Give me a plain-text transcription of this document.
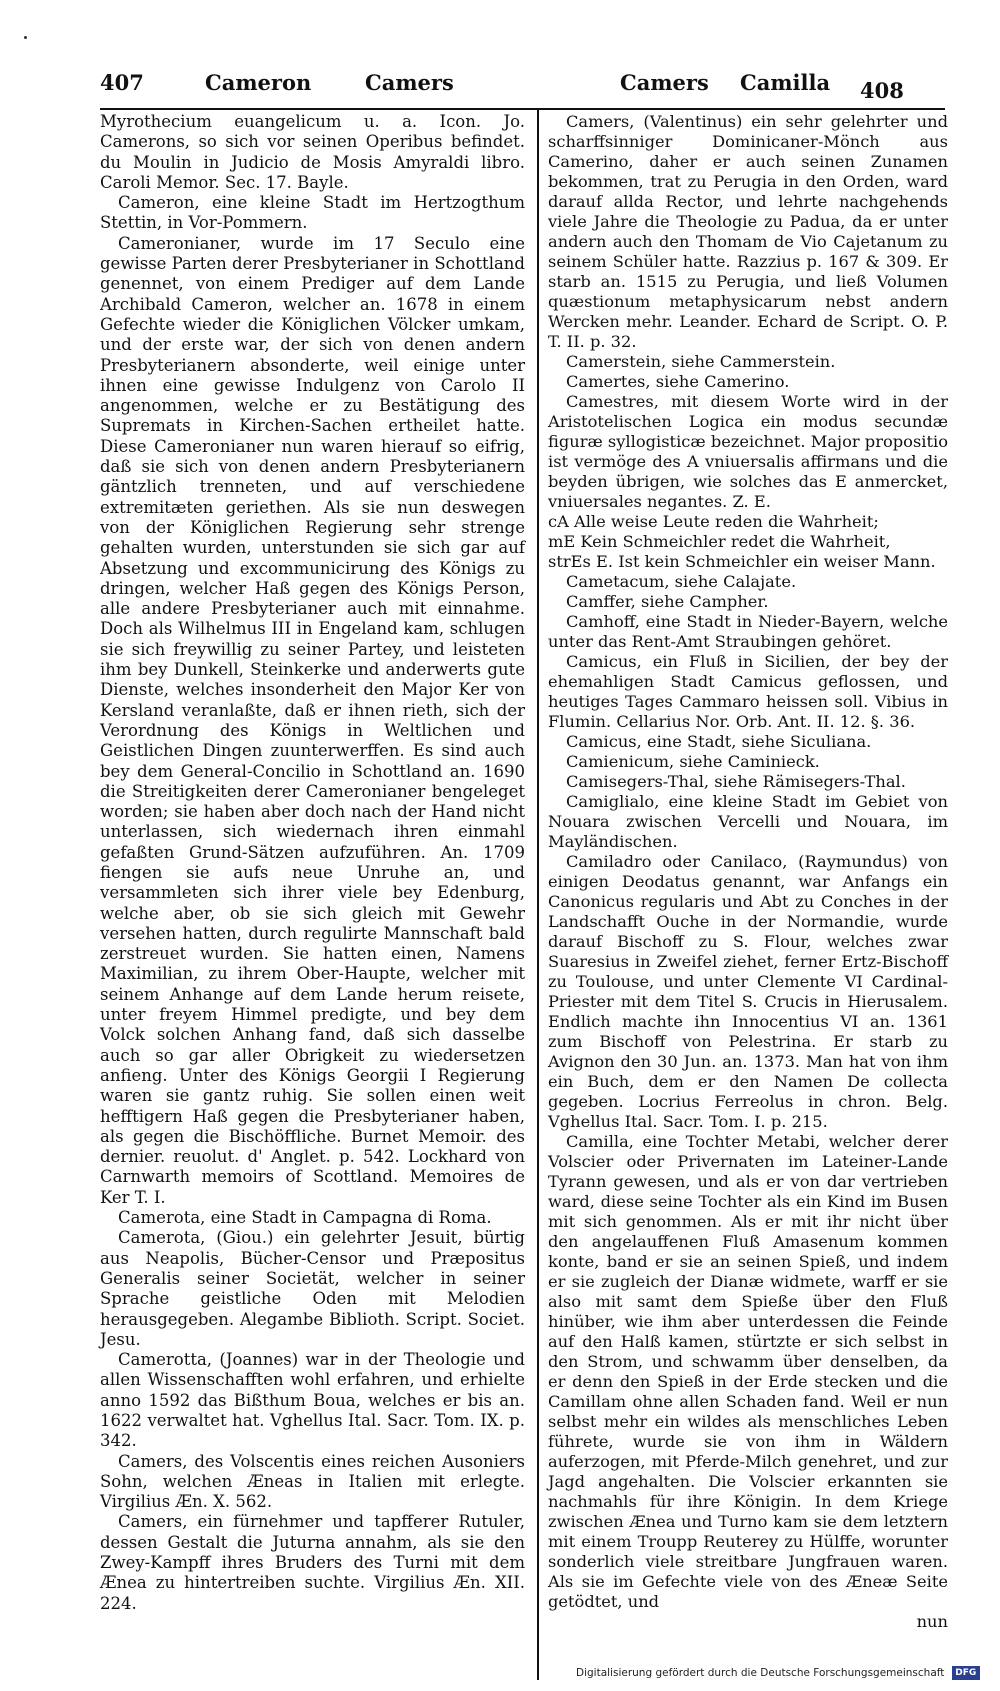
407	Cameron	Camers	Camers Camilla 408

Myrothecium euangelicum u. a. Icon. Jo. Camerons, so sich vor seinen Operibus befindet. du Moulin in Judicio de Mosis Amyraldi libro. Caroli Memor. Sec. 17. Bayle.

Cameron, eine kleine Stadt im Hertzogthum Stettin, in Vor-Pommern.

Cameronianer, wurde im 17 Seculo eine gewisse Parten derer Presbyterianer in Schottland genennet, von einem Prediger auf dem Lande Archibald Cameron, welcher an. 1678 in einem Gefechte wieder die Königlichen Völcker umkam, und der erste war, der sich von denen andern Presbyterianern absonderte, weil einige unter ihnen eine gewisse Indulgenz von Carolo II angenommen, welche er zu Bestätigung des Supremats in Kirchen-Sachen ertheilet hatte. Diese Cameronianer nun waren hierauf so eifrig, daß sie sich von denen andern Presbyterianern gäntzlich trenneten, und auf verschiedene extremitæten geriethen. Als sie nun deswegen von der Königlichen Regierung sehr strenge gehalten wurden, unterstunden sie sich gar auf Absetzung und excommunicirung des Königs zu dringen, welcher Haß gegen des Königs Person, alle andere Presbyterianer auch mit einnahme. Doch als Wilhelmus III in Engeland kam, schlugen sie sich freywillig zu seiner Partey, und leisteten ihm bey Dunkell, Steinkerke und anderwerts gute Dienste, welches insonderheit den Major Ker von Kersland veranlaßte, daß er ihnen rieth, sich der Verordnung des Königs in Weltlichen und Geistlichen Dingen zuunterwerffen. Es sind auch bey dem General-Concilio in Schottland an. 1690 die Streitigkeiten derer Cameronianer bengeleget worden; sie haben aber doch nach der Hand nicht unterlassen, sich wiedernach ihren einmahl gefaßten Grund-Sätzen aufzuführen. An. 1709 fiengen sie aufs neue Unruhe an, und versammleten sich ihrer viele bey Edenburg, welche aber, ob sie sich gleich mit Gewehr versehen hatten, durch regulirte Mannschaft bald zerstreuet wurden. Sie hatten einen, Namens Maximilian, zu ihrem Ober-Haupte, welcher mit seinem Anhange auf dem Lande herum reisete, unter freyem Himmel predigte, und bey dem Volck solchen Anhang fand, daß sich dasselbe auch so gar aller Obrigkeit zu wiedersetzen anfieng. Unter des Königs Georgii I Regierung waren sie gantz ruhig. Sie sollen einen weit hefftigern Haß gegen die Presbyterianer haben, als gegen die Bischöffliche. Burnet Memoir. des dernier. reuolut. d' Anglet. p. 542. Lockhard von Carnwarth memoirs of Scottland. Memoires de Ker T. I.

Camerota, eine Stadt in Campagna di Roma.

Camerota, (Giou.) ein gelehrter Jesuit, bürtig aus Neapolis, Bücher-Censor und Præpositus Generalis seiner Societät, welcher in seiner Sprache geistliche Oden mit Melodien herausgegeben. Alegambe Biblioth. Script. Societ. Jesu.

Camerotta, (Joannes) war in der Theologie und allen Wissenschafften wohl erfahren, und erhielte anno 1592 das Bißthum Boua, welches er bis an. 1622 verwaltet hat. Vghellus Ital. Sacr. Tom. IX. p. 342.

Camers, des Volscentis eines reichen Ausoniers Sohn, welchen Æneas in Italien mit erlegte. Virgilius Æn. X. 562.

Camers, ein fürnehmer und tapfferer Rutuler, dessen Gestalt die Juturna annahm, als sie den Zwey-Kampff ihres Bruders des Turni mit dem Ænea zu hintertreiben suchte. Virgilius Æn. XII. 224.

Camers, (Valentinus) ein sehr gelehrter und scharffsinniger Dominicaner-Mönch aus Camerino, daher er auch seinen Zunamen bekommen, trat zu Perugia in den Orden, ward darauf allda Rector, und lehrte nachgehends viele Jahre die Theologie zu Padua, da er unter andern auch den Thomam de Vio Cajetanum zu seinem Schüler hatte. Razzius p. 167 & 309. Er starb an. 1515 zu Perugia, und ließ Volumen quæstionum metaphysicarum nebst andern Wercken mehr. Leander. Echard de Script. O. P. T. II. p. 32.

Camerstein, siehe Cammerstein.

Camertes, siehe Camerino.

Camestres, mit diesem Worte wird in der Aristotelischen Logica ein modus secundæ figuræ syllogisticæ bezeichnet. Major propositio ist vermöge des A vniuersalis affirmans und die beyden übrigen, wie solches das E anmercket, vniuersales negantes. Z. E.

cA Alle weise Leute reden die Wahrheit;

mE Kein Schmeichler redet die Wahrheit,

strEs E. Ist kein Schmeichler ein weiser Mann.

Cametacum, siehe Calajate.

Camffer, siehe Campher.

Camhoff, eine Stadt in Nieder-Bayern, welche unter das Rent-Amt Straubingen gehöret.

Camicus, ein Fluß in Sicilien, der bey der ehemahligen Stadt Camicus geflossen, und heutiges Tages Cammaro heissen soll. Vibius in Flumin. Cellarius Nor. Orb. Ant. II. 12. §. 36.

Camicus, eine Stadt, siehe Siculiana.

Camienicum, siehe Caminieck.

Camisegers-Thal, siehe Rämisegers-Thal.

Camiglialo, eine kleine Stadt im Gebiet von Nouara zwischen Vercelli und Nouara, im Mayländischen.

Camiladro oder Canilaco, (Raymundus) von einigen Deodatus genannt, war Anfangs ein Canonicus regularis und Abt zu Conches in der Landschafft Ouche in der Normandie, wurde darauf Bischoff zu S. Flour, welches zwar Suaresius in Zweifel ziehet, ferner Ertz-Bischoff zu Toulouse, und unter Clemente VI Cardinal-Priester mit dem Titel S. Crucis in Hierusalem. Endlich machte ihn Innocentius VI an. 1361 zum Bischoff von Pelestrina. Er starb zu Avignon den 30 Jun. an. 1373. Man hat von ihm ein Buch, dem er den Namen De collecta gegeben. Locrius Ferreolus in chron. Belg. Vghellus Ital. Sacr. Tom. I. p. 215.

Camilla, eine Tochter Metabi, welcher derer Volscier oder Privernaten im Lateiner-Lande Tyrann gewesen, und als er von dar vertrieben ward, diese seine Tochter als ein Kind im Busen mit sich genommen. Als er mit ihr nicht über den angelauffenen Fluß Amasenum kommen konte, band er sie an seinen Spieß, und indem er sie zugleich der Dianæ widmete, warff er sie also mit samt dem Spieße über den Fluß hinüber, wie ihm aber unterdessen die Feinde auf den Halß kamen, stürtzte er sich selbst in den Strom, und schwamm über denselben, da er denn den Spieß in der Erde stecken und die Camillam ohne allen Schaden fand. Weil er nun selbst mehr ein wildes als menschliches Leben führete, wurde sie von ihm in Wäldern auferzogen, mit Pferde-Milch genehret, und zur Jagd angehalten. Die Volscier erkannten sie nachmahls für ihre Königin. In dem Kriege zwischen Ænea und Turno kam sie dem letztern mit einem Troupp Reuterey zu Hülffe, worunter sonderlich viele streitbare Jungfrauen waren. Als sie im Gefechte viele von des Æneæ Seite getödtet, und

nun

Digitalisierung gefördert durch die Deutsche Forschungsgemeinschaft DFG
